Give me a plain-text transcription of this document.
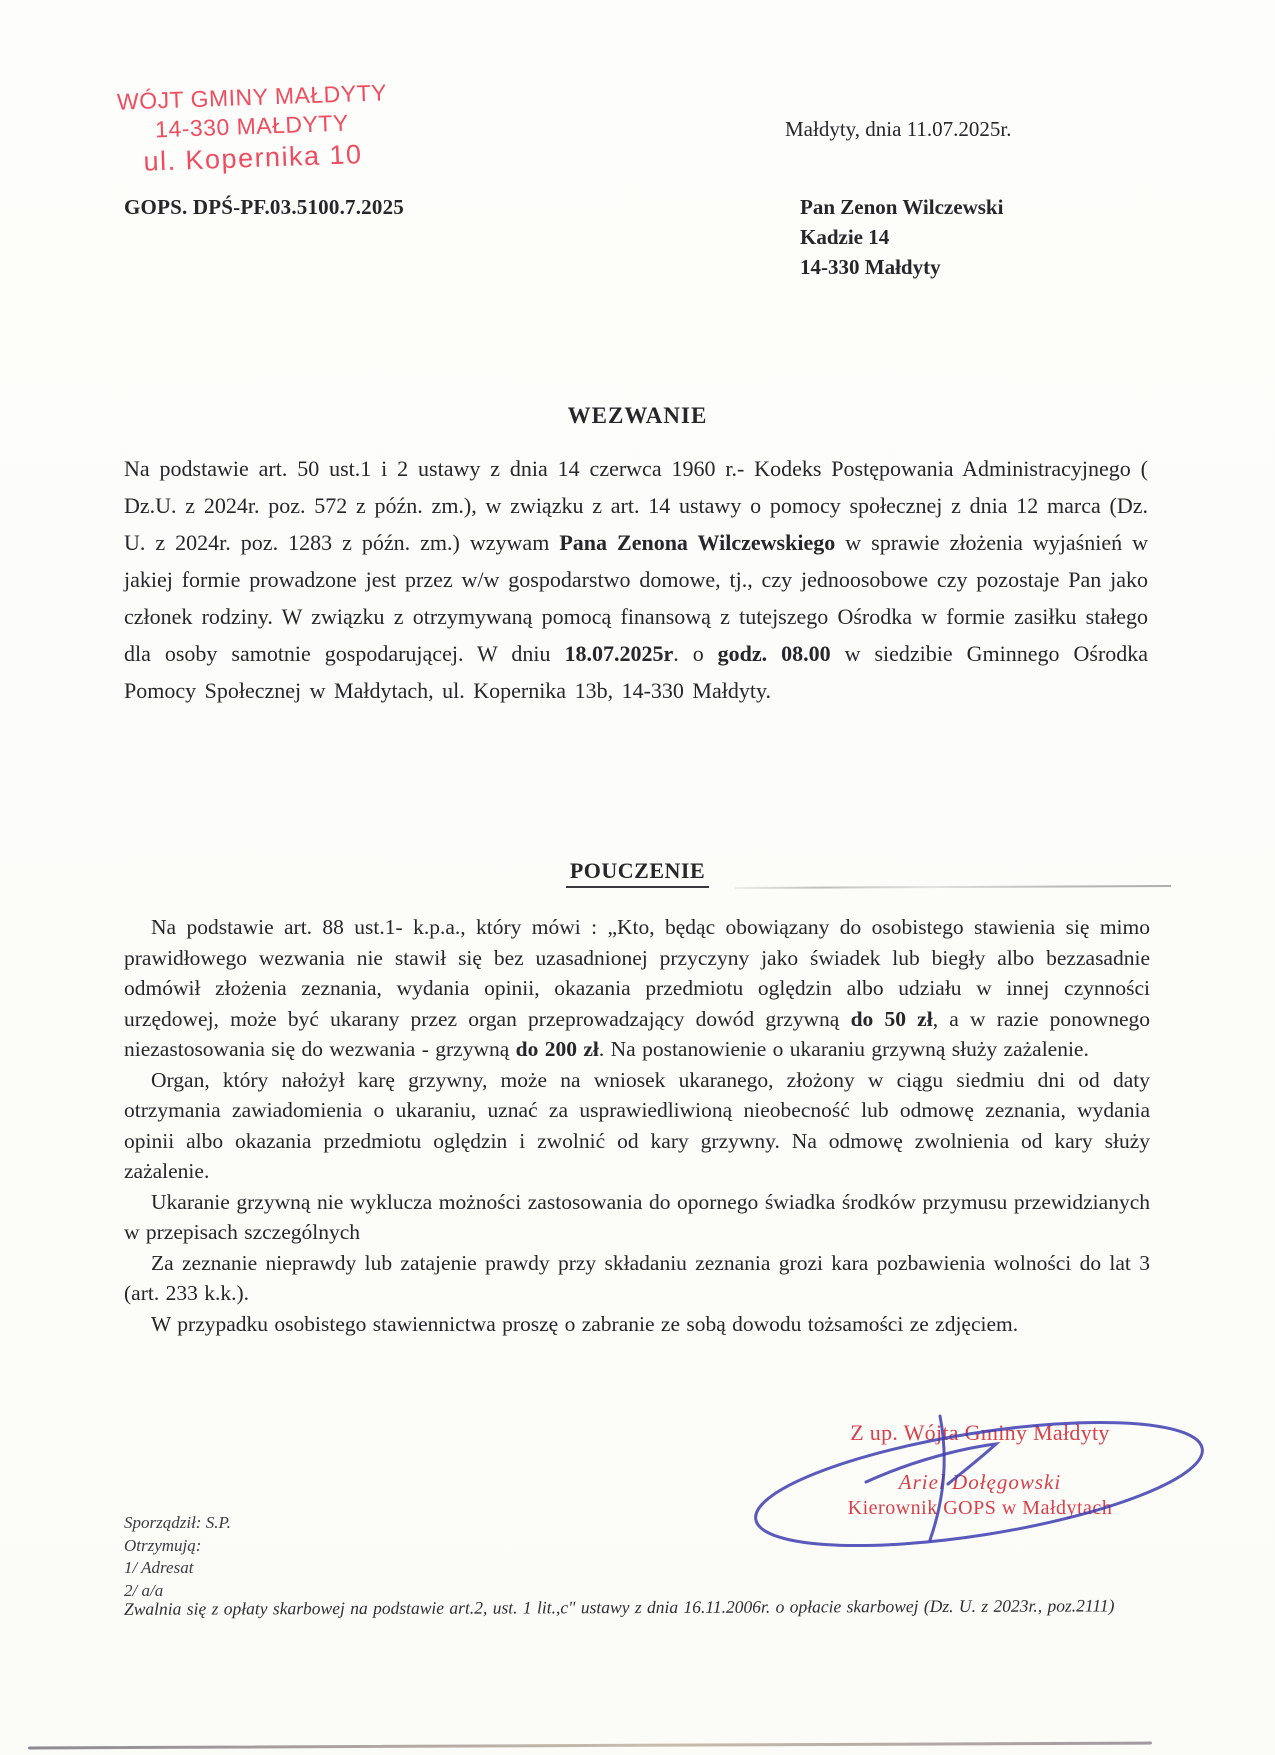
WÓJT GMINY MAŁDYTY
14-330 MAŁDYTY
ul. Kopernika 10
Małdyty, dnia 11.07.2025r.
GOPS. DPŚ-PF.03.5100.7.2025	Pan Zenon Wilczewski
Kadzie 14
14-330 Małdyty
WEZWANIE

Na podstawie art. 50 ust.1 i 2 ustawy z dnia 14 czerwca 1960 r.- Kodeks Postępowania Administracyjnego ( Dz.U. z 2024r. poz. 572 z późn. zm.), w związku z art. 14 ustawy o pomocy społecznej z dnia 12 marca (Dz. U. z 2024r. poz. 1283 z późn. zm.) wzywam Pana Zenona Wilczewskiego w sprawie złożenia wyjaśnień w jakiej formie prowadzone jest przez w/w gospodarstwo domowe, tj., czy jednoosobowe czy pozostaje Pan jako członek rodziny. W związku z otrzymywaną pomocą finansową z tutejszego Ośrodka w formie zasiłku stałego dla osoby samotnie gospodarującej. W dniu 18.07.2025r. o godz. 08.00 w siedzibie Gminnego Ośrodka Pomocy Społecznej w Małdytach, ul. Kopernika 13b, 14-330 Małdyty.

POUCZENIE

Na podstawie art. 88 ust.1- k.p.a., który mówi : „Kto, będąc obowiązany do osobistego stawienia się mimo prawidłowego wezwania nie stawił się bez uzasadnionej przyczyny jako świadek lub biegły albo bezzasadnie odmówił złożenia zeznania, wydania opinii, okazania przedmiotu oględzin albo udziału w innej czynności urzędowej, może być ukarany przez organ przeprowadzający dowód grzywną do 50 zł, a w razie ponownego niezastosowania się do wezwania - grzywną do 200 zł. Na postanowienie o ukaraniu grzywną służy zażalenie.

Organ, który nałożył karę grzywny, może na wniosek ukaranego, złożony w ciągu siedmiu dni od daty otrzymania zawiadomienia o ukaraniu, uznać za usprawiedliwioną nieobecność lub odmowę zeznania, wydania opinii albo okazania przedmiotu oględzin i zwolnić od kary grzywny. Na odmowę zwolnienia od kary służy zażalenie.

Ukaranie grzywną nie wyklucza możności zastosowania do opornego świadka środków przymusu przewidzianych w przepisach szczególnych

Za zeznanie nieprawdy lub zatajenie prawdy przy składaniu zeznania grozi kara pozbawienia wolności do lat 3 (art. 233 k.k.).

W przypadku osobistego stawiennictwa proszę o zabranie ze sobą dowodu tożsamości ze zdjęciem.

Z up. Wójta Gminy Małdyty
Ariel Dołęgowski
Kierownik GOPS w Małdytach
Sporządził: S.P.
Otrzymują:
1/ Adresat
2/ a/a
Zwalnia się z opłaty skarbowej na podstawie art.2, ust. 1 lit.,c" ustawy z dnia 16.11.2006r. o opłacie skarbowej (Dz. U. z 2023r., poz.2111)
